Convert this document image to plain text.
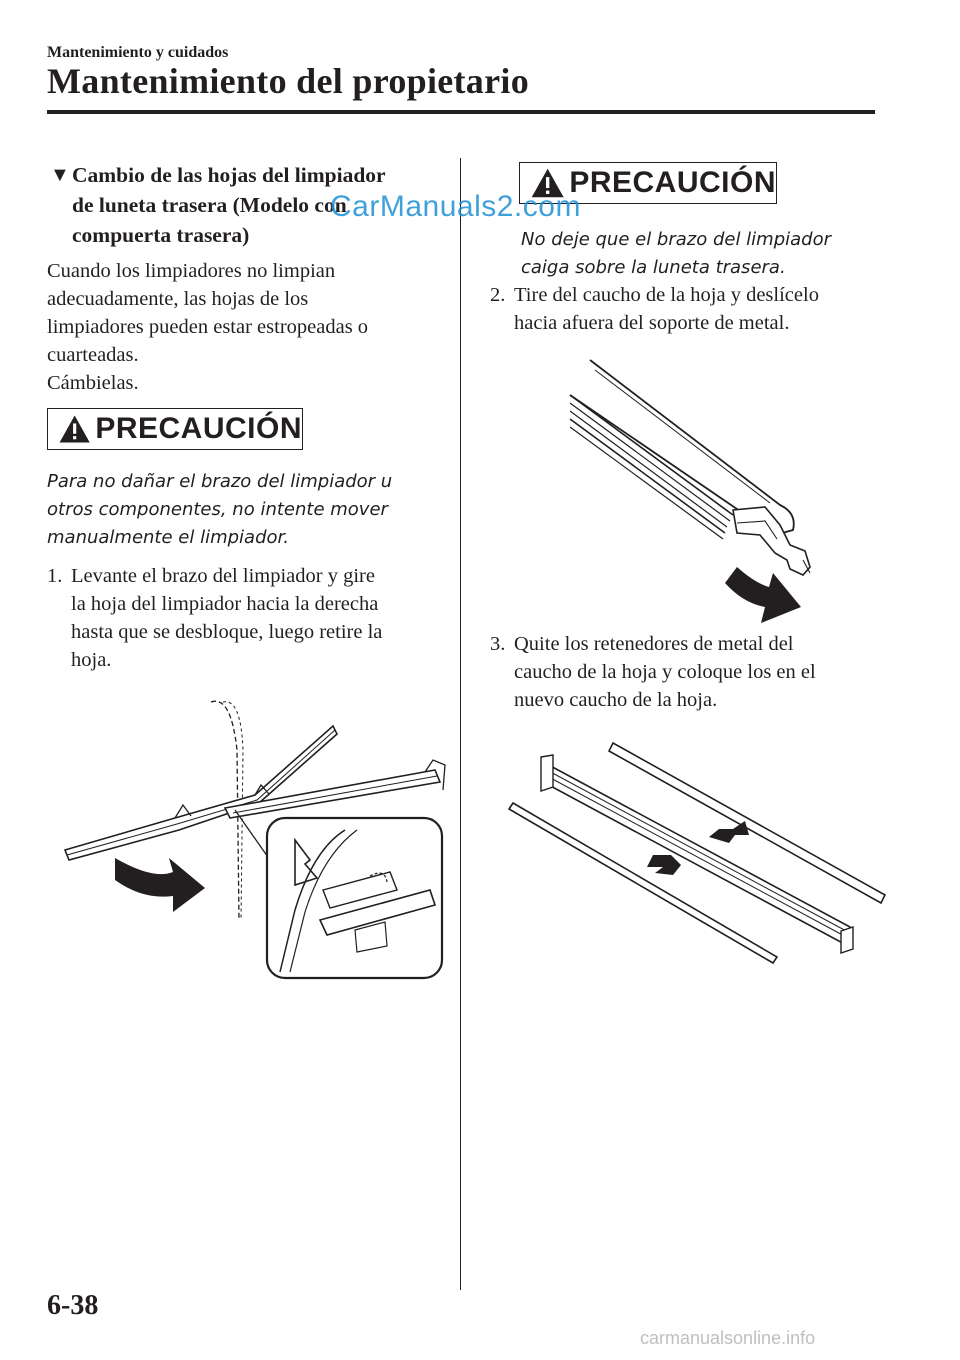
Mantenimiento y cuidados
Mantenimiento del propietario
▼ Cambio de las hojas del limpiador
de luneta trasera (Modelo con
compuerta trasera)
Cuando los limpiadores no limpian
adecuadamente, las hojas de los
limpiadores pueden estar estropeadas o
cuarteadas.
Cámbielas.
PRECAUCIÓN
Para no dañar el brazo del limpiador u
otros componentes, no intente mover
manualmente el limpiador.
1. Levante el brazo del limpiador y gire
la hoja del limpiador hacia la derecha
hasta que se desbloque, luego retire la
hoja.
PRECAUCIÓN
No deje que el brazo del limpiador
caiga sobre la luneta trasera.
2. Tire del caucho de la hoja y deslícelo
hacia afuera del soporte de metal.
3. Quite los retenedores de metal del
caucho de la hoja y coloque los en el
nuevo caucho de la hoja.
CarManuals2.com
6-38
carmanualsonline.info
